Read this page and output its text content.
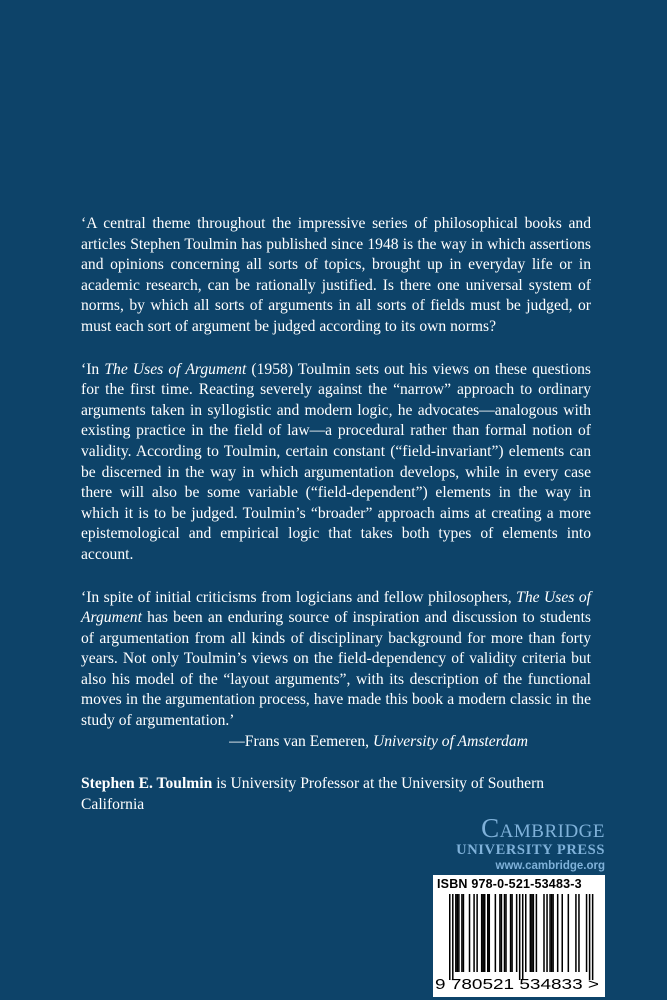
‘A central theme throughout the impressive series of philosophical books and articles Stephen Toulmin has published since 1948 is the way in which assertions and opinions concerning all sorts of topics, brought up in everyday life or in academic research, can be rationally justified. Is there one universal system of norms, by which all sorts of arguments in all sorts of fields must be judged, or must each sort of argument be judged according to its own norms?

‘In The Uses of Argument (1958) Toulmin sets out his views on these questions for the first time. Reacting severely against the “narrow” approach to ordinary arguments taken in syllogistic and modern logic, he advocates—analogous with existing practice in the field of law—a procedural rather than formal notion of validity. According to Toulmin, certain constant (“field-invariant”) elements can be discerned in the way in which argumentation develops, while in every case there will also be some variable (“field-dependent”) elements in the way in which it is to be judged. Toulmin’s “broader” approach aims at creating a more epistemological and empirical logic that takes both types of elements into account.

‘In spite of initial criticisms from logicians and fellow philosophers, The Uses of Argument has been an enduring source of inspiration and discussion to students of argumentation from all kinds of disciplinary background for more than forty years. Not only Toulmin’s views on the field-dependency of validity criteria but also his model of the “layout arguments”, with its description of the functional moves in the argumentation process, have made this book a modern classic in the study of argumentation.’

—Frans van Eemeren, University of Amsterdam

Stephen E. Toulmin is University Professor at the University of Southern California

Cambridge
UNIVERSITY PRESS
www.cambridge.org
ISBN 978-0-521-53483-3
9 780521 534833 >
